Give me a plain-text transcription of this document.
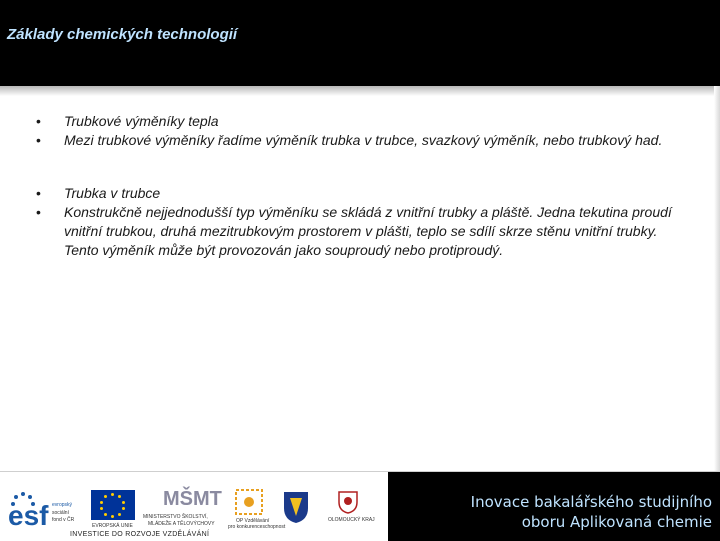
Základy chemických technologií
• Trubkové výměníky tepla
• Mezi trubkové výměníky řadíme výměník trubka v trubce, svazkový výměník, nebo trubkový had.
• Trubka v trubce
• Konstrukčně nejjednodušší typ výměníku se skládá z vnitřní trubky a pláště. Jedna tekutina proudí vnitřní trubkou, druhá mezitrubkovým prostorem v plášti, teplo se sdílí skrze stěnu vnitřní trubky. Tento výměník může být provozován jako souproudý nebo protiproudý.
esf evropský
sociální
fond v ČR
EVROPSKÁ UNIE
MŠMT
MINISTERSTVO ŠKOLSTVÍ,
MLÁDEŽE A TĚLOVÝCHOVY	OP Vzdělávání
pro konkurenceschopnost
OLOMOUCKÝ KRAJ
INVESTICE DO ROZVOJE VZDĚLÁVÁNÍ
Inovace bakalářského studijního
oboru Aplikovaná chemie
